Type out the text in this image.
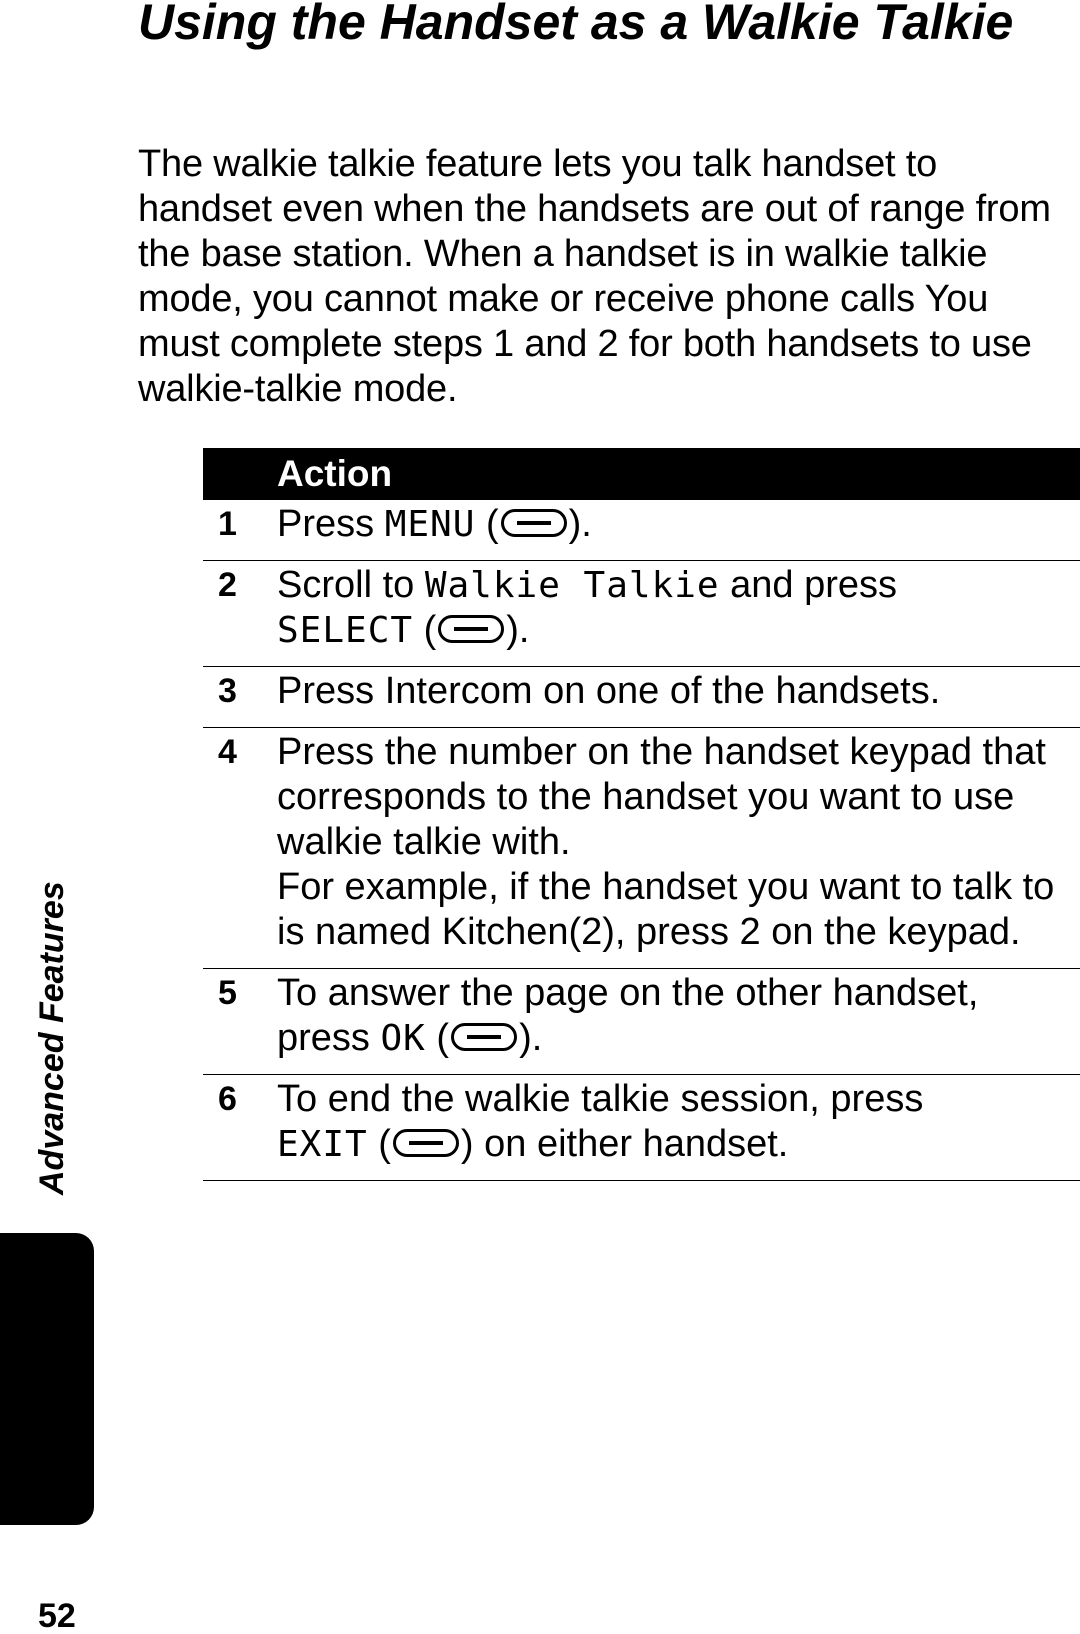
Using the Handset as a Walkie Talkie

The walkie talkie feature lets you talk handset to handset even when the handsets are out of range from the base station. When a handset is in walkie talkie mode, you cannot make or receive phone calls You must complete steps 1 and 2 for both handsets to use walkie-talkie mode.

	Action
1	Press MENU ( ).
2	Scroll to Walkie Talkie and press
SELECT ( ).
3	Press Intercom on one of the handsets.
4	Press the number on the handset keypad that corresponds to the handset you want to use walkie talkie with.
For example, if the handset you want to talk to is named Kitchen(2), press 2 on the keypad.
5	To answer the page on the other handset, press OK ( ).
6	To end the walkie talkie session, press
EXIT ( ) on either handset.
Advanced Features
52
